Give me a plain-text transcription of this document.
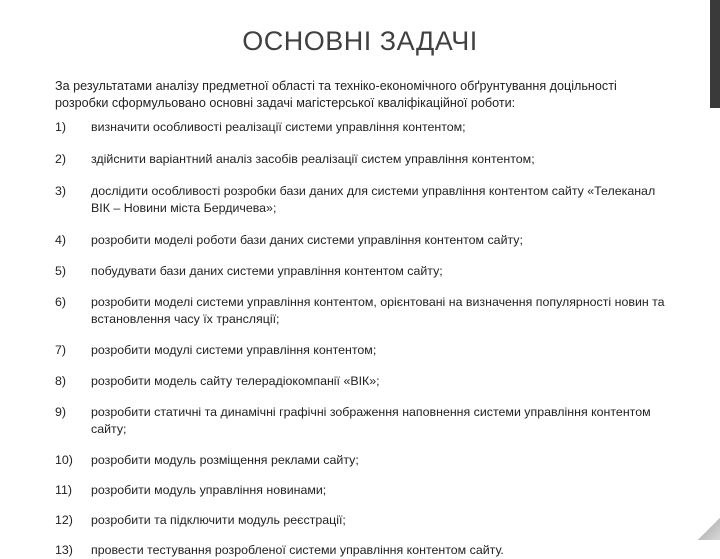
ОСНОВНІ ЗАДАЧІ
За результатами аналізу предметної області та техніко-економічного обґрунтування доцільності розробки сформульовано основні задачі магістерської кваліфікаційної роботи:
1)	визначити особливості реалізації системи управління контентом;
2)	здійснити варіантний аналіз засобів реалізації систем управління контентом;
3)	дослідити особливості розробки бази даних для системи управління контентом сайту «Телеканал ВІК – Новини міста Бердичева»;
4)	розробити моделі роботи бази даних системи управління контентом сайту;
5)	побудувати бази даних системи управління контентом сайту;
6)	розробити моделі системи управління контентом, орієнтовані на визначення популярності новин та встановлення часу їх трансляції;
7)	розробити модулі системи управління контентом;
8)	розробити модель сайту телерадіокомпанії «ВІК»;
9)	розробити статичні та динамічні графічні зображення наповнення системи управління контентом сайту;
10)	розробити модуль розміщення реклами сайту;
11)	розробити модуль управління новинами;
12)	розробити та підключити модуль реєстрації;
13)	провести тестування розробленої системи управління контентом сайту.
